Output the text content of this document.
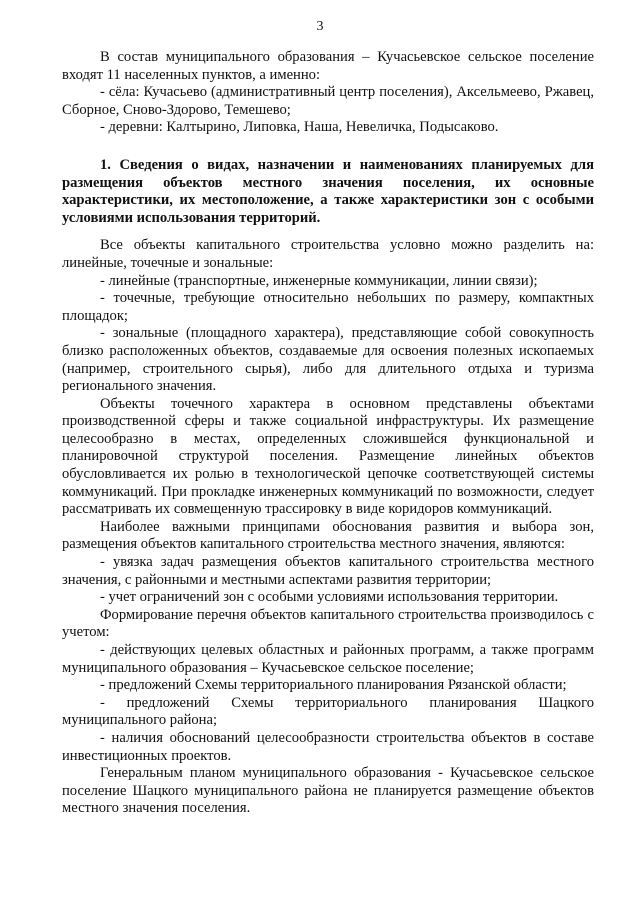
3

В состав муниципального образования – Кучасьевское сельское поселение входят 11 населенных пунктов, а именно:

- сёла: Кучасьево (административный центр поселения), Аксельмеево, Ржавец, Сборное, Сново-Здорово, Темешево;

- деревни: Калтырино, Липовка, Наша, Невеличка, Подысаково.

1. Сведения о видах, назначении и наименованиях планируемых для размещения объектов местного значения поселения, их основные характеристики, их местоположение, а также характеристики зон с особыми условиями использования территорий.

Все объекты капитального строительства условно можно разделить на: линейные, точечные и зональные:

- линейные (транспортные, инженерные коммуникации, линии связи);

- точечные, требующие относительно небольших по размеру, компактных площадок;

- зональные (площадного характера), представляющие собой совокупность близко расположенных объектов, создаваемые для освоения полезных ископаемых (например, строительного сырья), либо для длительного отдыха и туризма регионального значения.

Объекты точечного характера в основном представлены объектами производственной сферы и также социальной инфраструктуры. Их размещение целесообразно в местах, определенных сложившейся функциональной и планировочной структурой поселения. Размещение линейных объектов обусловливается их ролью в технологической цепочке соответствующей системы коммуникаций. При прокладке инженерных коммуникаций по возможности, следует рассматривать их совмещенную трассировку в виде коридоров коммуникаций.

Наиболее важными принципами обоснования развития и выбора зон, размещения объектов капитального строительства местного значения, являются:

- увязка задач размещения объектов капитального строительства местного значения, с районными и местными аспектами развития территории;

- учет ограничений зон с особыми условиями использования территории.

Формирование перечня объектов капитального строительства производилось с учетом:

- действующих целевых областных и районных программ, а также программ муниципального образования – Кучасьевское сельское поселение;

- предложений Схемы территориального планирования Рязанской области;

- предложений Схемы территориального планирования Шацкого муниципального района;

- наличия обоснований целесообразности строительства объектов в составе инвестиционных проектов.

Генеральным планом муниципального образования - Кучасьевское сельское поселение Шацкого муниципального района не планируется размещение объектов местного значения поселения.
